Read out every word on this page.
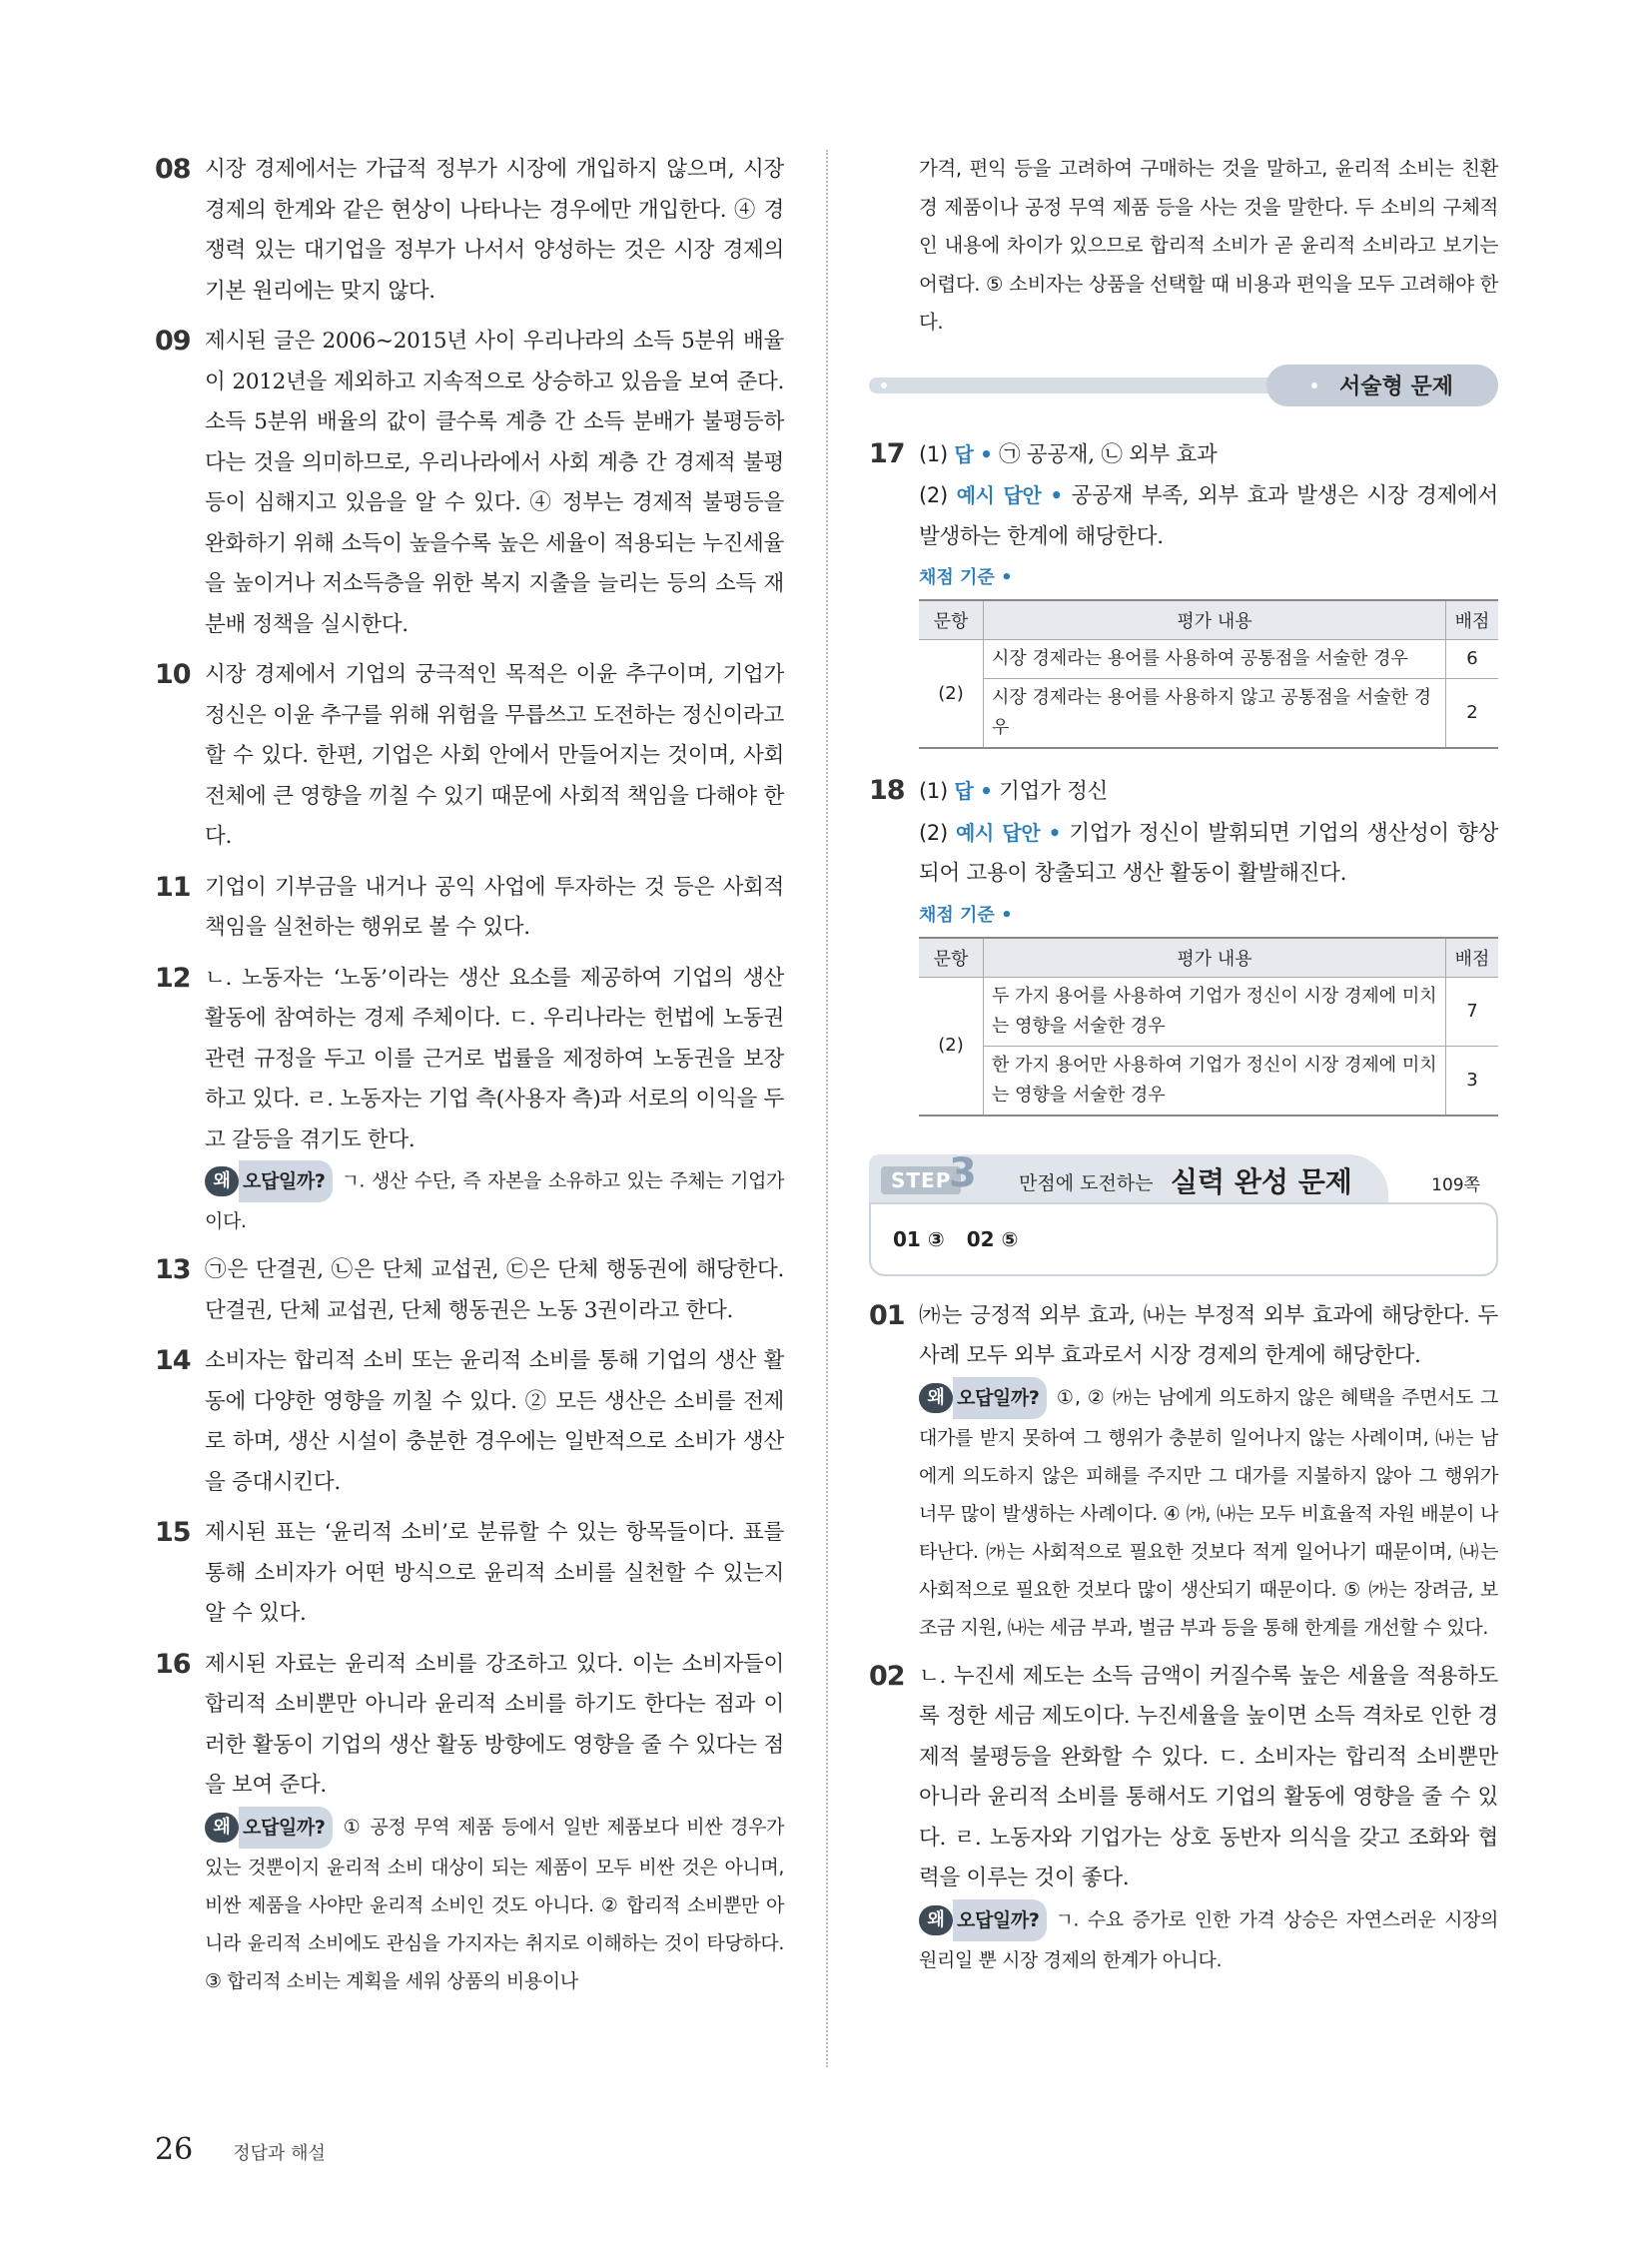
08 시장 경제에서는 가급적 정부가 시장에 개입하지 않으며, 시장 경제의 한계와 같은 현상이 나타나는 경우에만 개입한다. ④ 경쟁력 있는 대기업을 정부가 나서서 양성하는 것은 시장 경제의 기본 원리에는 맞지 않다.
09 제시된 글은 2006~2015년 사이 우리나라의 소득 5분위 배율이 2012년을 제외하고 지속적으로 상승하고 있음을 보여 준다. 소득 5분위 배율의 값이 클수록 계층 간 소득 분배가 불평등하다는 것을 의미하므로, 우리나라에서 사회 계층 간 경제적 불평등이 심해지고 있음을 알 수 있다. ④ 정부는 경제적 불평등을 완화하기 위해 소득이 높을수록 높은 세율이 적용되는 누진세율을 높이거나 저소득층을 위한 복지 지출을 늘리는 등의 소득 재분배 정책을 실시한다.
10 시장 경제에서 기업의 궁극적인 목적은 이윤 추구이며, 기업가 정신은 이윤 추구를 위해 위험을 무릅쓰고 도전하는 정신이라고 할 수 있다. 한편, 기업은 사회 안에서 만들어지는 것이며, 사회 전체에 큰 영향을 끼칠 수 있기 때문에 사회적 책임을 다해야 한다.
11 기업이 기부금을 내거나 공익 사업에 투자하는 것 등은 사회적 책임을 실천하는 행위로 볼 수 있다.
12 ㄴ. 노동자는 ‘노동’이라는 생산 요소를 제공하여 기업의 생산 활동에 참여하는 경제 주체이다. ㄷ. 우리나라는 헌법에 노동권 관련 규정을 두고 이를 근거로 법률을 제정하여 노동권을 보장하고 있다. ㄹ. 노동자는 기업 측(사용자 측)과 서로의 이익을 두고 갈등을 겪기도 한다.
왜 오답일까? ㄱ. 생산 수단, 즉 자본을 소유하고 있는 주체는 기업가이다.
13 ㉠은 단결권, ㉡은 단체 교섭권, ㉢은 단체 행동권에 해당한다. 단결권, 단체 교섭권, 단체 행동권은 노동 3권이라고 한다.
14 소비자는 합리적 소비 또는 윤리적 소비를 통해 기업의 생산 활동에 다양한 영향을 끼칠 수 있다. ② 모든 생산은 소비를 전제로 하며, 생산 시설이 충분한 경우에는 일반적으로 소비가 생산을 증대시킨다.
15 제시된 표는 ‘윤리적 소비’로 분류할 수 있는 항목들이다. 표를 통해 소비자가 어떤 방식으로 윤리적 소비를 실천할 수 있는지 알 수 있다.
16 제시된 자료는 윤리적 소비를 강조하고 있다. 이는 소비자들이 합리적 소비뿐만 아니라 윤리적 소비를 하기도 한다는 점과 이러한 활동이 기업의 생산 활동 방향에도 영향을 줄 수 있다는 점을 보여 준다.
왜 오답일까? ① 공정 무역 제품 등에서 일반 제품보다 비싼 경우가 있는 것뿐이지 윤리적 소비 대상이 되는 제품이 모두 비싼 것은 아니며, 비싼 제품을 사야만 윤리적 소비인 것도 아니다. ② 합리적 소비뿐만 아니라 윤리적 소비에도 관심을 가지자는 취지로 이해하는 것이 타당하다. ③ 합리적 소비는 계획을 세워 상품의 비용이나
가격, 편익 등을 고려하여 구매하는 것을 말하고, 윤리적 소비는 친환경 제품이나 공정 무역 제품 등을 사는 것을 말한다. 두 소비의 구체적인 내용에 차이가 있으므로 합리적 소비가 곧 윤리적 소비라고 보기는 어렵다. ⑤ 소비자는 상품을 선택할 때 비용과 편익을 모두 고려해야 한다.
서술형 문제
17 (1) 답 • ㉠ 공공재, ㉡ 외부 효과
(2) 예시 답안 • 공공재 부족, 외부 효과 발생은 시장 경제에서 발생하는 한계에 해당한다.
채점 기준 •
문항	평가 내용	배점
(2)	시장 경제라는 용어를 사용하여 공통점을 서술한 경우	6
	시장 경제라는 용어를 사용하지 않고 공통점을 서술한 경우	2
18 (1) 답 • 기업가 정신
(2) 예시 답안 • 기업가 정신이 발휘되면 기업의 생산성이 향상되어 고용이 창출되고 생산 활동이 활발해진다.
채점 기준 •
문항	평가 내용	배점
(2)	두 가지 용어를 사용하여 기업가 정신이 시장 경제에 미치는 영향을 서술한 경우	7
	한 가지 용어만 사용하여 기업가 정신이 시장 경제에 미치는 영향을 서술한 경우	3
STEP
3 만점에 도전하는 실력 완성 문제	109쪽
01 ③ 02 ⑤
01 ㈎는 긍정적 외부 효과, ㈏는 부정적 외부 효과에 해당한다. 두 사례 모두 외부 효과로서 시장 경제의 한계에 해당한다.
왜 오답일까? ①, ② ㈎는 남에게 의도하지 않은 혜택을 주면서도 그 대가를 받지 못하여 그 행위가 충분히 일어나지 않는 사례이며, ㈏는 남에게 의도하지 않은 피해를 주지만 그 대가를 지불하지 않아 그 행위가 너무 많이 발생하는 사례이다. ④ ㈎, ㈏는 모두 비효율적 자원 배분이 나타난다. ㈎는 사회적으로 필요한 것보다 적게 일어나기 때문이며, ㈏는 사회적으로 필요한 것보다 많이 생산되기 때문이다. ⑤ ㈎는 장려금, 보조금 지원, ㈏는 세금 부과, 벌금 부과 등을 통해 한계를 개선할 수 있다.
02 ㄴ. 누진세 제도는 소득 금액이 커질수록 높은 세율을 적용하도록 정한 세금 제도이다. 누진세율을 높이면 소득 격차로 인한 경제적 불평등을 완화할 수 있다. ㄷ. 소비자는 합리적 소비뿐만 아니라 윤리적 소비를 통해서도 기업의 활동에 영향을 줄 수 있다. ㄹ. 노동자와 기업가는 상호 동반자 의식을 갖고 조화와 협력을 이루는 것이 좋다.
왜 오답일까? ㄱ. 수요 증가로 인한 가격 상승은 자연스러운 시장의 원리일 뿐 시장 경제의 한계가 아니다.
26 정답과 해설
